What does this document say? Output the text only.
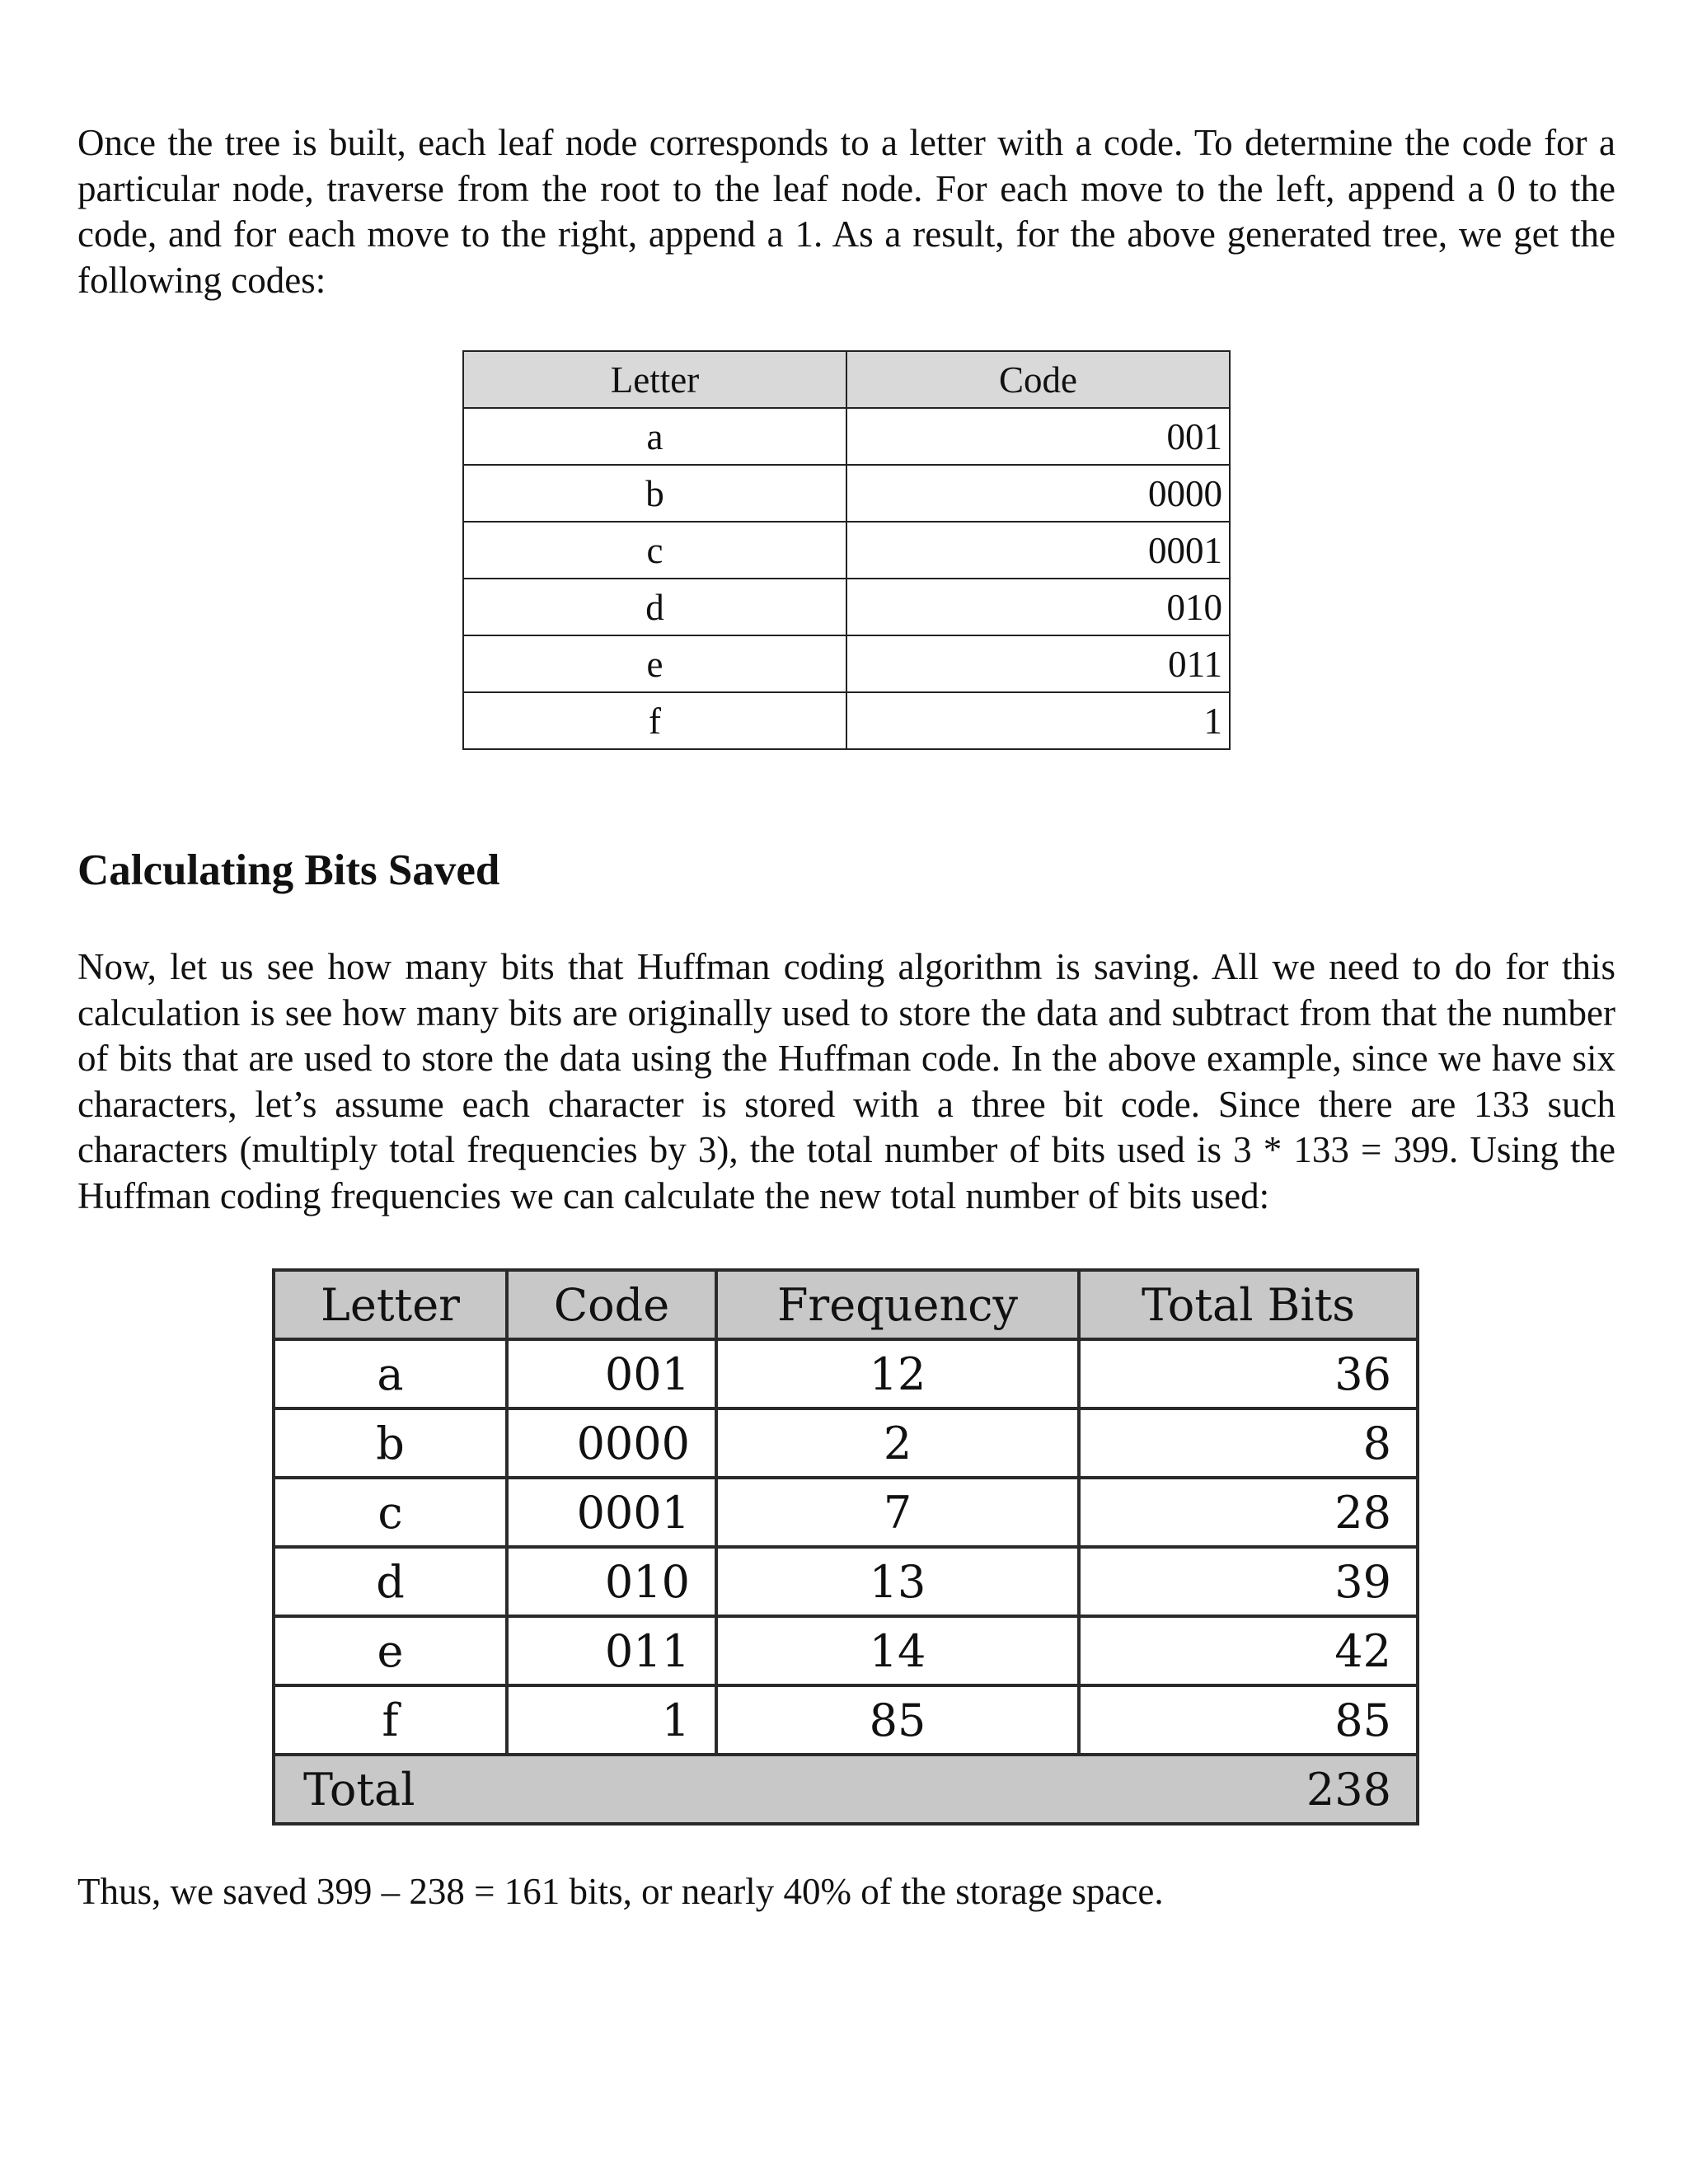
Once the tree is built, each leaf node corresponds to a letter with a code. To determine the code for a particular node, traverse from the root to the leaf node. For each move to the left, append a 0 to the code, and for each move to the right, append a 1. As a result, for the above generated tree, we get the following codes:

Letter	Code
a	001
b	0000
c	0001
d	010
e	011
f	1
Calculating Bits Saved

Now, let us see how many bits that Huffman coding algorithm is saving. All we need to do for this calculation is see how many bits are originally used to store the data and subtract from that the number of bits that are used to store the data using the Huffman code. In the above example, since we have six characters, let’s assume each character is stored with a three bit code. Since there are 133 such characters (multiply total frequencies by 3), the total number of bits used is 3 * 133 = 399. Using the Huffman coding frequencies we can calculate the new total number of bits used:

Letter	Code	Frequency	Total Bits
a	001	12	36
b	0000	2	8
c	0001	7	28
d	010	13	39
e	011	14	42
f	1	85	85
Total			238

Thus, we saved 399 – 238 = 161 bits, or nearly 40% of the storage space.
